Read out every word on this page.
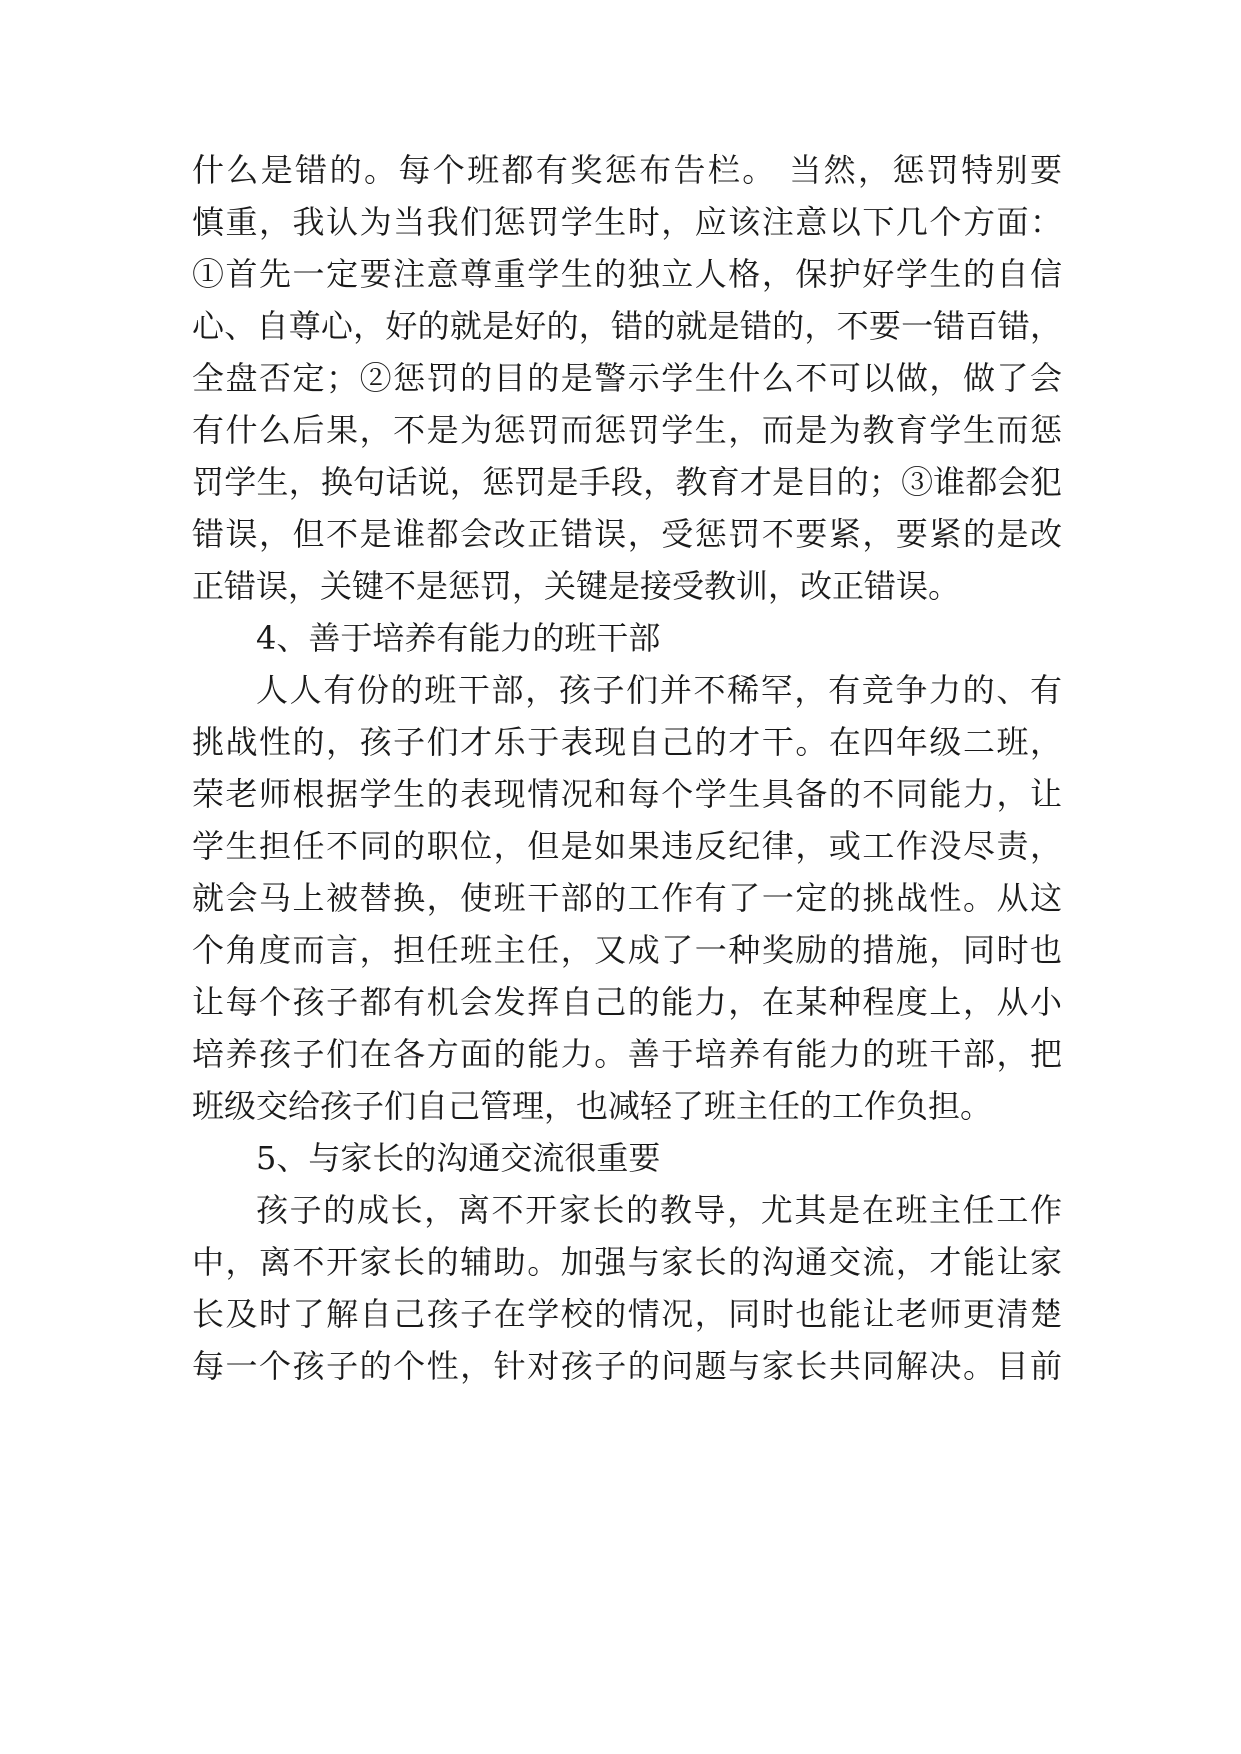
什么是错的。每个班都有奖惩布告栏。 当然，惩罚特别要
慎重，我认为当我们惩罚学生时，应该注意以下几个方面：
①首先一定要注意尊重学生的独立人格，保护好学生的自信
心、自尊心，好的就是好的，错的就是错的，不要一错百错，
全盘否定；②惩罚的目的是警示学生什么不可以做，做了会
有什么后果，不是为惩罚而惩罚学生，而是为教育学生而惩
罚学生，换句话说，惩罚是手段，教育才是目的；③谁都会犯
错误，但不是谁都会改正错误，受惩罚不要紧，要紧的是改
正错误，关键不是惩罚，关键是接受教训，改正错误。
4、善于培养有能力的班干部
人人有份的班干部，孩子们并不稀罕，有竞争力的、有
挑战性的，孩子们才乐于表现自己的才干。在四年级二班，
荣老师根据学生的表现情况和每个学生具备的不同能力，让
学生担任不同的职位，但是如果违反纪律，或工作没尽责，
就会马上被替换，使班干部的工作有了一定的挑战性。从这
个角度而言，担任班主任，又成了一种奖励的措施，同时也
让每个孩子都有机会发挥自己的能力，在某种程度上，从小
培养孩子们在各方面的能力。善于培养有能力的班干部，把
班级交给孩子们自己管理，也减轻了班主任的工作负担。
5、与家长的沟通交流很重要
孩子的成长，离不开家长的教导，尤其是在班主任工作
中，离不开家长的辅助。加强与家长的沟通交流，才能让家
长及时了解自己孩子在学校的情况，同时也能让老师更清楚
每一个孩子的个性，针对孩子的问题与家长共同解决。目前
